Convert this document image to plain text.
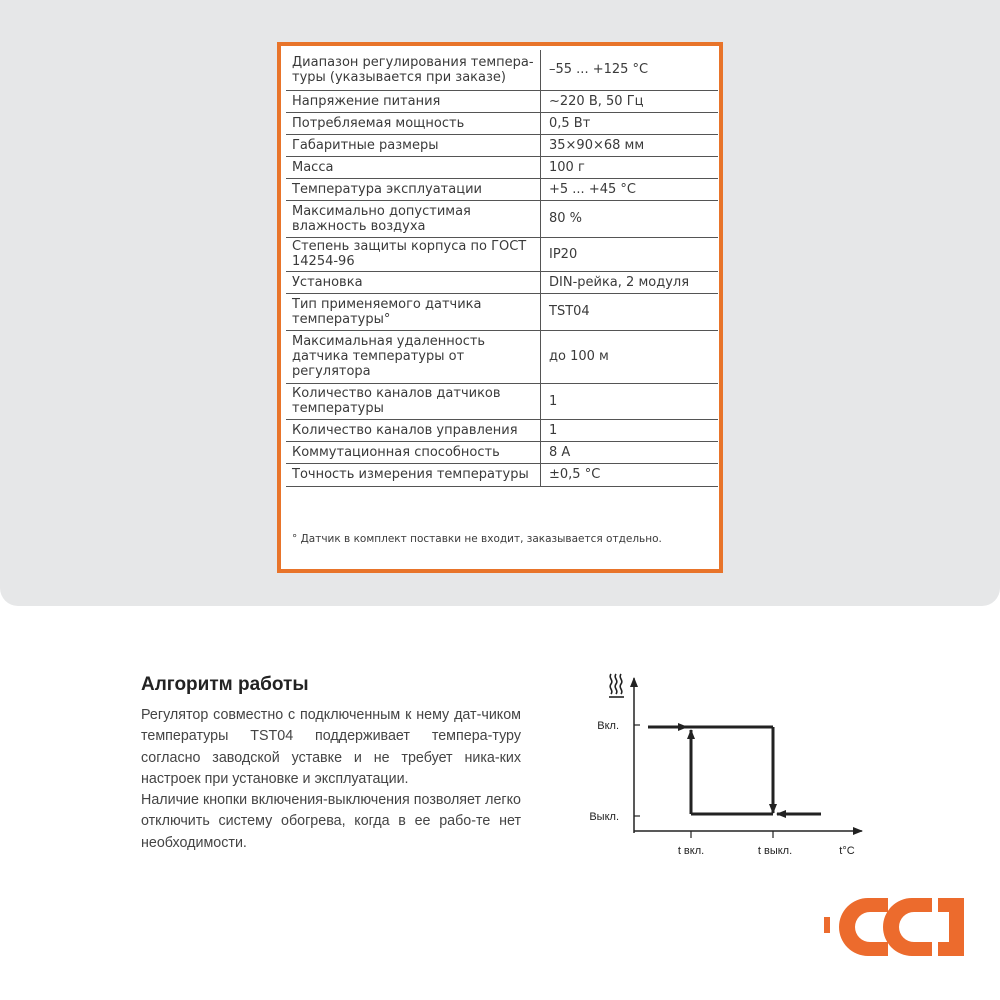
Диапазон регулирования темпера-
туры (указывается при заказе)	–55 ... +125 °C
Напряжение питания	~220 В, 50 Гц
Потребляемая мощность	0,5 Вт
Габаритные размеры	35×90×68 мм
Масса	100 г
Температура эксплуатации	+5 ... +45 °C
Максимально допустимая
влажность воздуха	80 %
Степень защиты корпуса по ГОСТ
14254-96	IP20
Установка	DIN-рейка, 2 модуля
Тип применяемого датчика
температуры°	TST04
Максимальная удаленность
датчика температуры от
регулятора	до 100 м
Количество каналов датчиков
температуры	1
Количество каналов управления	1
Коммутационная способность	8 А
Точность измерения температуры	±0,5 °C
° Датчик в комплект поставки не входит, заказывается отдельно.
Алгоритм работы

Регулятор совместно с подключенным к нему дат-чиком температуры TST04 поддерживает темпера-туру согласно заводской уставке и не требует ника-ких настроек при установке и эксплуатации.

Наличие кнопки включения-выключения позволяет легко отключить систему обогрева, когда в ее рабо-те нет необходимости.

Вкл.
Выкл.
t вкл.	t выкл.	t°C
